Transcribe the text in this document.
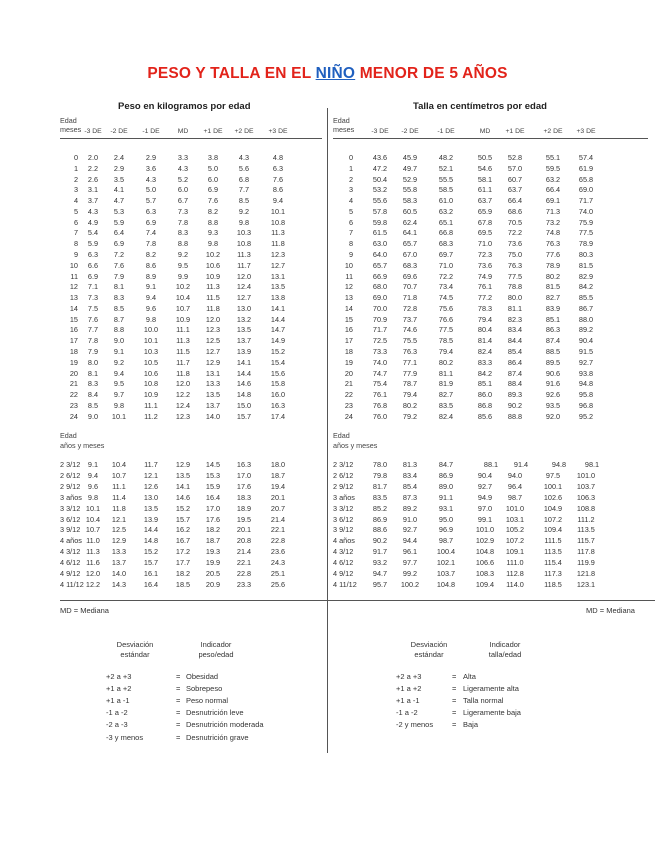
PESO Y TALLA EN EL NIÑO MENOR DE 5 AÑOS
Peso en kilogramos por edad
Edad
meses -3 DE	-2 DE	-1 DE	MD	+1 DE	+2 DE	+3 DE
0	2.0	2.4	2.9	3.3	3.8	4.3	4.8
1	2.2	2.9	3.6	4.3	5.0	5.6	6.3
2	2.6	3.5	4.3	5.2	6.0	6.8	7.6
3	3.1	4.1	5.0	6.0	6.9	7.7	8.6
4	3.7	4.7	5.7	6.7	7.6	8.5	9.4
5	4.3	5.3	6.3	7.3	8.2	9.2	10.1
6	4.9	5.9	6.9	7.8	8.8	9.8	10.8
7	5.4	6.4	7.4	8.3	9.3	10.3	11.3
8	5.9	6.9	7.8	8.8	9.8	10.8	11.8
9	6.3	7.2	8.2	9.2	10.2	11.3	12.3
10	6.6	7.6	8.6	9.5	10.6	11.7	12.7
11	6.9	7.9	8.9	9.9	10.9	12.0	13.1
12	7.1	8.1	9.1	10.2	11.3	12.4	13.5
13	7.3	8.3	9.4	10.4	11.5	12.7	13.8
14	7.5	8.5	9.6	10.7	11.8	13.0	14.1
15	7.6	8.7	9.8	10.9	12.0	13.2	14.4
16	7.7	8.8	10.0	11.1	12.3	13.5	14.7
17	7.8	9.0	10.1	11.3	12.5	13.7	14.9
18	7.9	9.1	10.3	11.5	12.7	13.9	15.2
19	8.0	9.2	10.5	11.7	12.9	14.1	15.4
20	8.1	9.4	10.6	11.8	13.1	14.4	15.6
21	8.3	9.5	10.8	12.0	13.3	14.6	15.8
22	8.4	9.7	10.9	12.2	13.5	14.8	16.0
23	8.5	9.8	11.1	12.4	13.7	15.0	16.3
24	9.0	10.1	11.2	12.3	14.0	15.7	17.4
Edad
años y meses
2 3/12	9.1	10.4	11.7	12.9	14.5	16.3	18.0
2 6/12	9.4	10.7	12.1	13.5	15.3	17.0	18.7
2 9/12	9.6	11.1	12.6	14.1	15.9	17.6	19.4
3 años 9.8	11.4	13.0	14.6	16.4	18.3	20.1
3 3/12 10.1	11.8	13.5	15.2	17.0	18.9	20.7
3 6/12 10.4	12.1	13.9	15.7	17.6	19.5	21.4
3 9/12 10.7	12.5	14.4	16.2	18.2	20.1	22.1
4 años 11.0	12.9	14.8	16.7	18.7	20.8	22.8
4 3/12 11.3	13.3	15.2	17.2	19.3	21.4	23.6
4 6/12 11.6	13.7	15.7	17.7	19.9	22.1	24.3
4 9/12 12.0	14.0	16.1	18.2	20.5	22.8	25.1
4 11/12 12.2	14.3	16.4	18.5	20.9	23.3	25.6
Talla en centímetros por edad
Edad
meses	-3 DE	-2 DE	-1 DE	MD	+1 DE	+2 DE	+3 DE
0	43.6	45.9	48.2	50.5	52.8	55.1	57.4
1	47.2	49.7	52.1	54.6	57.0	59.5	61.9
2	50.4	52.9	55.5	58.1	60.7	63.2	65.8
3	53.2	55.8	58.5	61.1	63.7	66.4	69.0
4	55.6	58.3	61.0	63.7	66.4	69.1	71.7
5	57.8	60.5	63.2	65.9	68.6	71.3	74.0
6	59.8	62.4	65.1	67.8	70.5	73.2	75.9
7	61.5	64.1	66.8	69.5	72.2	74.8	77.5
8	63.0	65.7	68.3	71.0	73.6	76.3	78.9
9	64.0	67.0	69.7	72.3	75.0	77.6	80.3
10	65.7	68.3	71.0	73.6	76.3	78.9	81.5
11	66.9	69.6	72.2	74.9	77.5	80.2	82.9
12	68.0	70.7	73.4	76.1	78.8	81.5	84.2
13	69.0	71.8	74.5	77.2	80.0	82.7	85.5
14	70.0	72.8	75.6	78.3	81.1	83.9	86.7
15	70.9	73.7	76.6	79.4	82.3	85.1	88.0
16	71.7	74.6	77.5	80.4	83.4	86.3	89.2
17	72.5	75.5	78.5	81.4	84.4	87.4	90.4
18	73.3	76.3	79.4	82.4	85.4	88.5	91.5
19	74.0	77.1	80.2	83.3	86.4	89.5	92.7
20	74.7	77.9	81.1	84.2	87.4	90.6	93.8
21	75.4	78.7	81.9	85.1	88.4	91.6	94.8
22	76.1	79.4	82.7	86.0	89.3	92.6	95.8
23	76.8	80.2	83.5	86.8	90.2	93.5	96.8
24	76.0	79.2	82.4	85.6	88.8	92.0	95.2
Edad
años y meses
2 3/12	78.0	81.3	84.7	88.1	91.4	94.8	98.1
2 6/12	79.8	83.4	86.9	90.4	94.0	97.5	101.0
2 9/12	81.7	85.4	89.0	92.7	96.4	100.1	103.7
3 años	83.5	87.3	91.1	94.9	98.7	102.6	106.3
3 3/12	85.2	89.2	93.1	97.0	101.0	104.9	108.8
3 6/12	86.9	91.0	95.0	99.1	103.1	107.2	111.2
3 9/12	88.6	92.7	96.9	101.0	105.2	109.4	113.5
4 años	90.2	94.4	98.7	102.9	107.2	111.5	115.7
4 3/12	91.7	96.1	100.4	104.8	109.1	113.5	117.8
4 6/12	93.2	97.7	102.1	106.6	111.0	115.4	119.9
4 9/12	94.7	99.2	103.7	108.3	112.8	117.3	121.8
4 11/12	95.7	100.2	104.8	109.4	114.0	118.5	123.1
MD = Mediana	MD = Mediana
Desviación
estándar
Indicador
peso/edad
+2 a +3	= Obesidad
+1 a +2	= Sobrepeso
+1 a -1	= Peso normal
-1 a -2	= Desnutrición leve
-2 a -3	= Desnutrición moderada
-3 y menos	= Desnutrición grave
Desviación
estándar
Indicador
talla/edad
+2 a +3	= Alta
+1 a +2	= Ligeramente alta
+1 a -1	= Talla normal
-1 a -2	= Ligeramente baja
-2 y menos	= Baja
